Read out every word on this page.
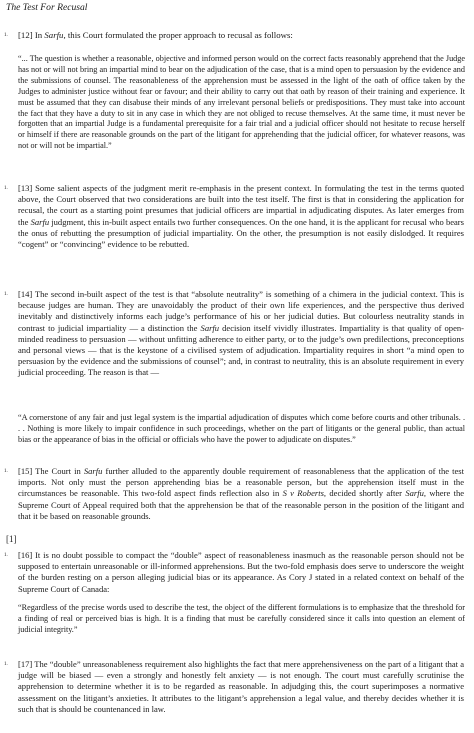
The Test For Recusal
1. [12] In Sarfu, this Court formulated the proper approach to recusal as follows:
“... The question is whether a reasonable, objective and informed person would on the correct facts reasonably apprehend that the Judge has not or will not bring an impartial mind to bear on the adjudication of the case, that is a mind open to persuasion by the evidence and the submissions of counsel. The reasonableness of the apprehension must be assessed in the light of the oath of office taken by the Judges to administer justice without fear or favour; and their ability to carry out that oath by reason of their training and experience. It must be assumed that they can disabuse their minds of any irrelevant personal beliefs or predispositions. They must take into account the fact that they have a duty to sit in any case in which they are not obliged to recuse themselves. At the same time, it must never be forgotten that an impartial Judge is a fundamental prerequisite for a fair trial and a judicial officer should not hesitate to recuse herself or himself if there are reasonable grounds on the part of the litigant for apprehending that the judicial officer, for whatever reasons, was not or will not be impartial.”
1. [13] Some salient aspects of the judgment merit re-emphasis in the present context. In formulating the test in the terms quoted above, the Court observed that two considerations are built into the test itself. The first is that in considering the application for recusal, the court as a starting point presumes that judicial officers are impartial in adjudicating disputes. As later emerges from the Sarfu judgment, this in-built aspect entails two further consequences. On the one hand, it is the applicant for recusal who bears the onus of rebutting the presumption of judicial impartiality. On the other, the presumption is not easily dislodged. It requires “cogent” or “convincing” evidence to be rebutted.
1. [14] The second in-built aspect of the test is that “absolute neutrality” is something of a chimera in the judicial context. This is because judges are human. They are unavoidably the product of their own life experiences, and the perspective thus derived inevitably and distinctively informs each judge’s performance of his or her judicial duties. But colourless neutrality stands in contrast to judicial impartiality — a distinction the Sarfu decision itself vividly illustrates. Impartiality is that quality of open-minded readiness to persuasion — without unfitting adherence to either party, or to the judge’s own predilections, preconceptions and personal views — that is the keystone of a civilised system of adjudication. Impartiality requires in short “a mind open to persuasion by the evidence and the submissions of counsel”; and, in contrast to neutrality, this is an absolute requirement in every judicial proceeding. The reason is that —
“A cornerstone of any fair and just legal system is the impartial adjudication of disputes which come before courts and other tribunals. . . . Nothing is more likely to impair confidence in such proceedings, whether on the part of litigants or the general public, than actual bias or the appearance of bias in the official or officials who have the power to adjudicate on disputes.”
1. [15] The Court in Sarfu further alluded to the apparently double requirement of reasonableness that the application of the test imports. Not only must the person apprehending bias be a reasonable person, but the apprehension itself must in the circumstances be reasonable. This two-fold aspect finds reflection also in S v Roberts, decided shortly after Sarfu, where the Supreme Court of Appeal required both that the apprehension be that of the reasonable person in the position of the litigant and that it be based on reasonable grounds.
[1]
1. [16] It is no doubt possible to compact the “double” aspect of reasonableness inasmuch as the reasonable person should not be supposed to entertain unreasonable or ill-informed apprehensions. But the two-fold emphasis does serve to underscore the weight of the burden resting on a person alleging judicial bias or its appearance. As Cory J stated in a related context on behalf of the Supreme Court of Canada:
“Regardless of the precise words used to describe the test, the object of the different formulations is to emphasize that the threshold for a finding of real or perceived bias is high. It is a finding that must be carefully considered since it calls into question an element of judicial integrity.”
1. [17] The “double” unreasonableness requirement also highlights the fact that mere apprehensiveness on the part of a litigant that a judge will be biased — even a strongly and honestly felt anxiety — is not enough. The court must carefully scrutinise the apprehension to determine whether it is to be regarded as reasonable. In adjudging this, the court superimposes a normative assessment on the litigant’s anxieties. It attributes to the litigant’s apprehension a legal value, and thereby decides whether it is such that is should be countenanced in law.
